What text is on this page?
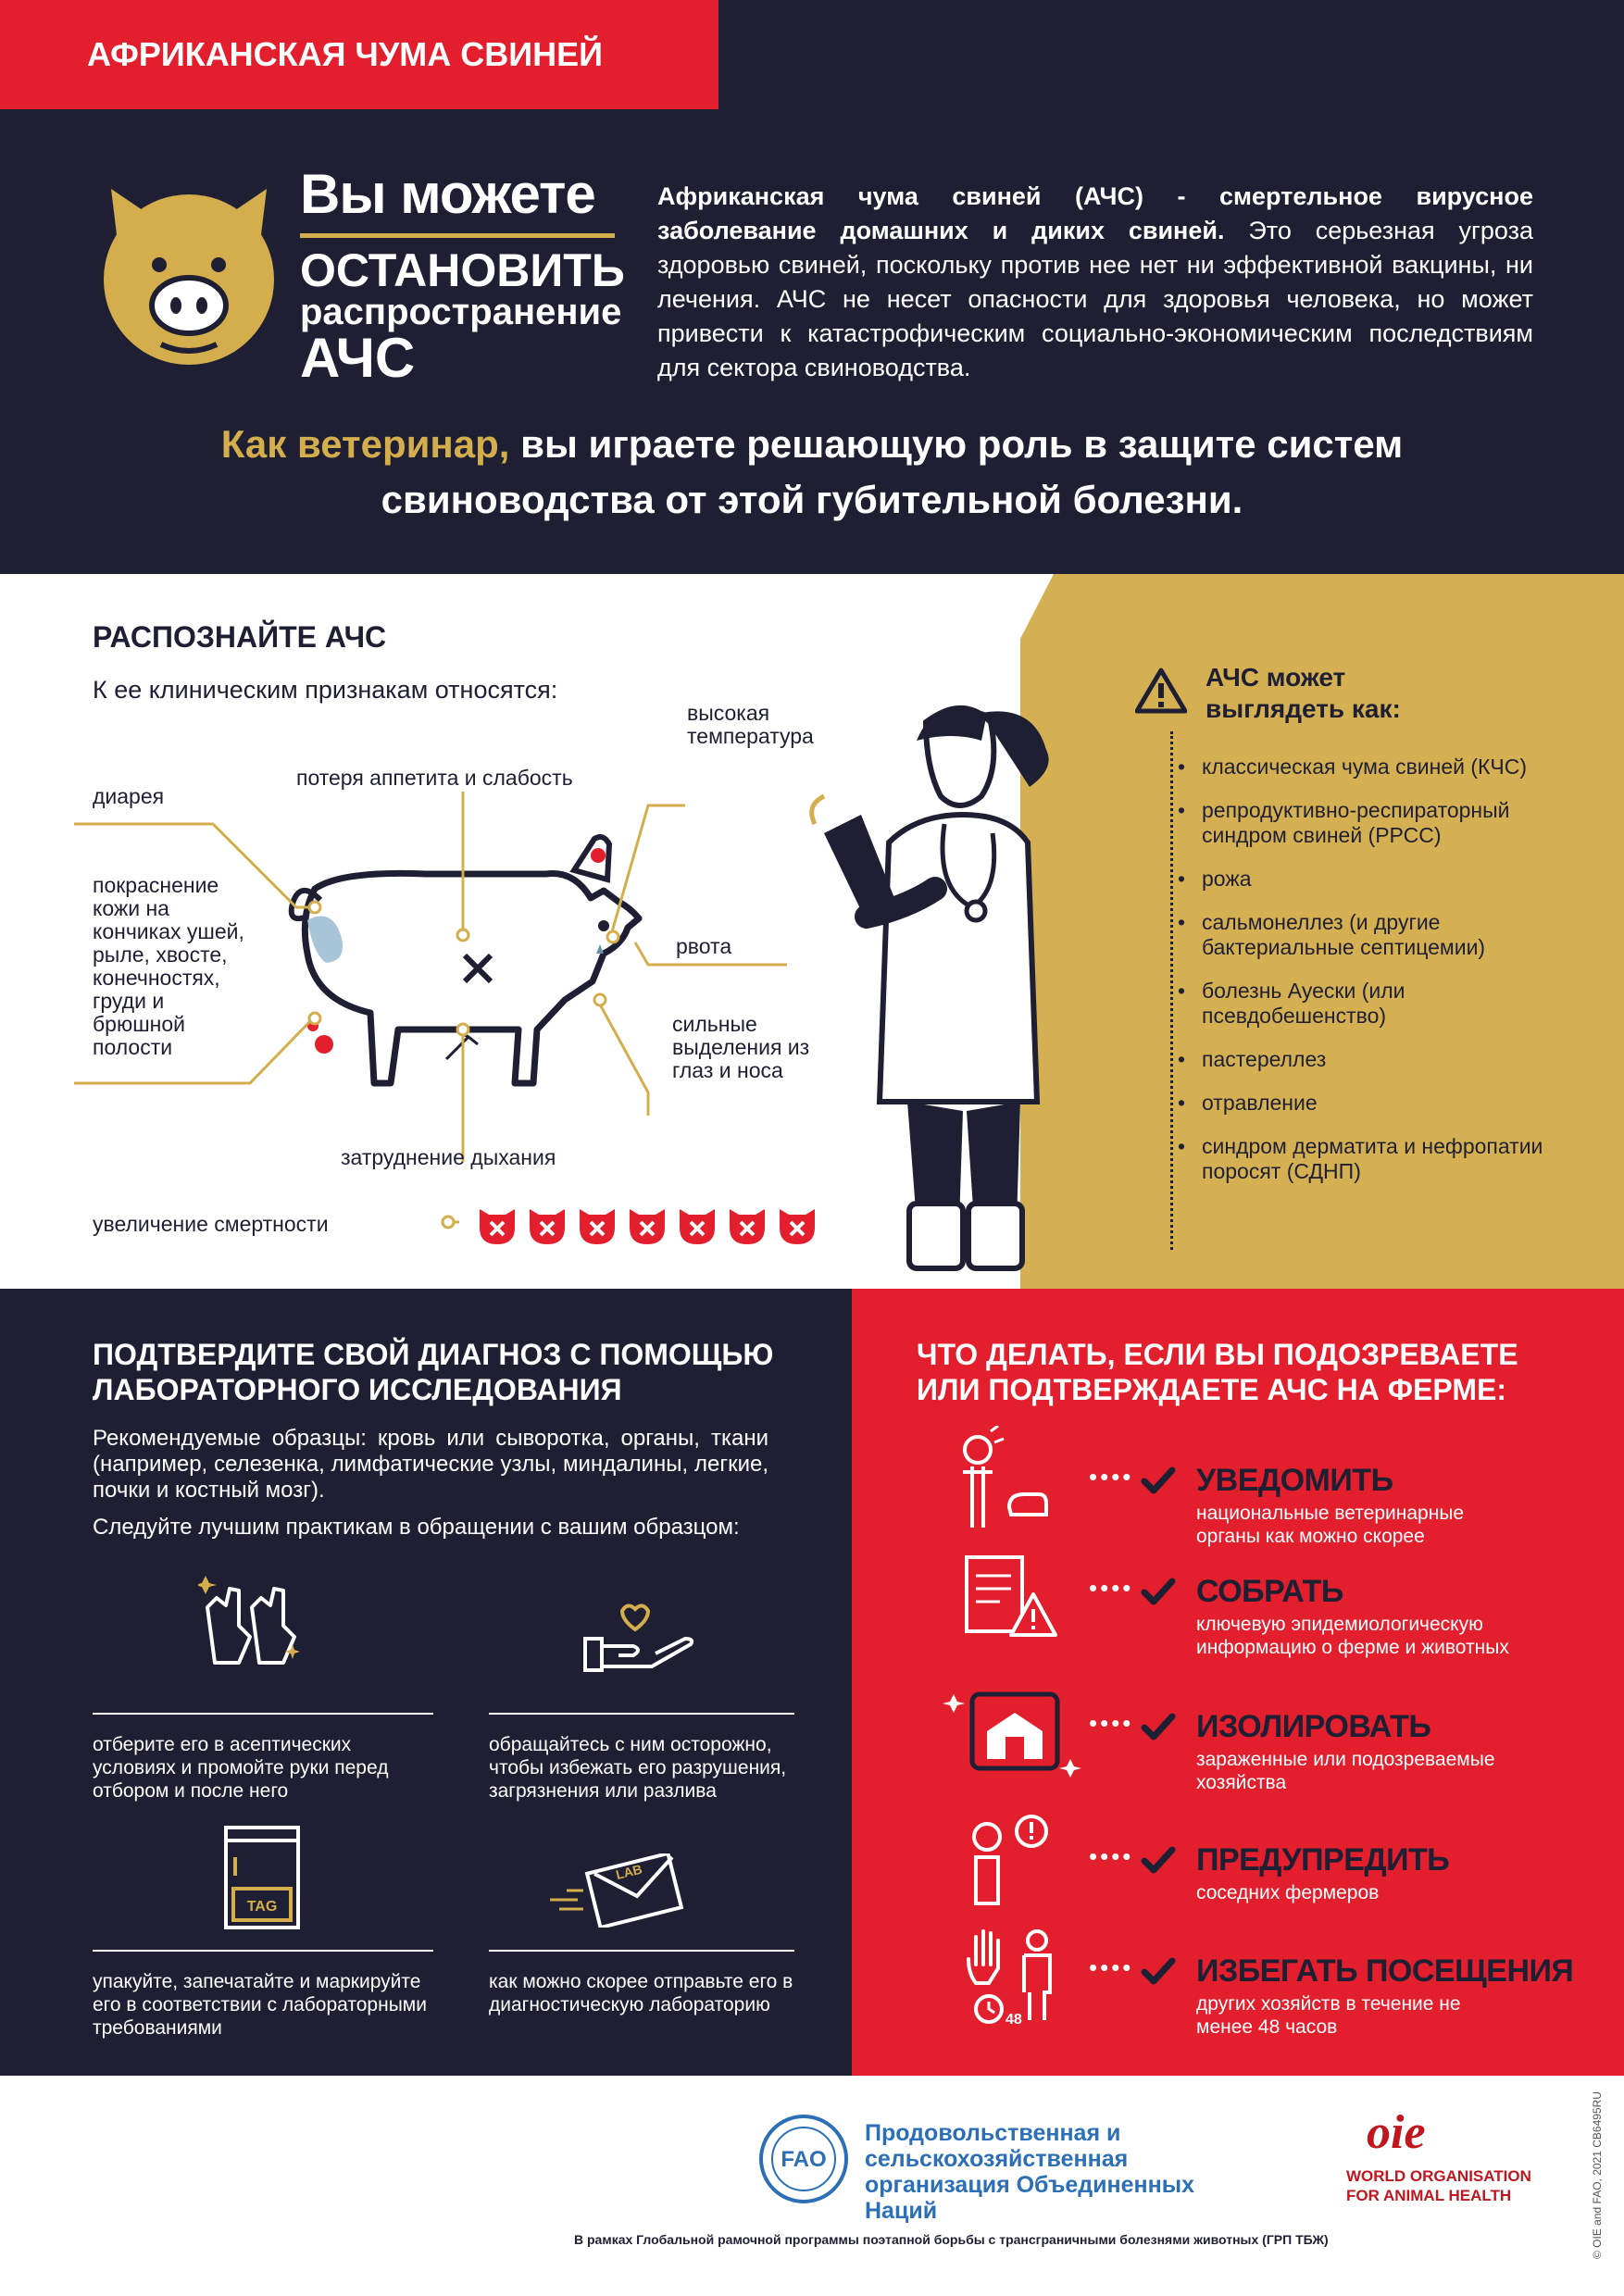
АФРИКАНСКАЯ ЧУМА СВИНЕЙ
Вы можете
ОСТАНОВИТЬ
распространение
АЧС
Африканская чума свиней (АЧС) - смертельное вирусное заболевание домашних и диких свиней. Это серьезная угроза здоровью свиней, поскольку против нее нет ни эффективной вакцины, ни лечения. АЧС не несет опасности для здоровья человека, но может привести к катастрофическим социально-экономическим последствиям для сектора свиноводства.
Как ветеринар, вы играете решающую роль в защите систем свиноводства от этой губительной болезни.
РАСПОЗНАЙТЕ АЧС
К ее клиническим признакам относятся:
диарея
покраснение кожи на кончиках ушей, рыле, хвосте, конечностях, груди и брюшной полости
потеря аппетита и слабость
высокая температура
рвота
сильные выделения из глаз и носа
затруднение дыхания
увеличение смертности
АЧС может выглядеть как:
• классическая чума свиней (КЧС)
• репродуктивно-респираторный синдром свиней (РРСС)
• рожа
• сальмонеллез (и другие бактериальные септицемии)
• болезнь Ауески (или псевдобешенство)
• пастереллез
• отравление
• синдром дерматита и нефропатии поросят (СДНП)
ПОДТВЕРДИТЕ СВОЙ ДИАГНОЗ С ПОМОЩЬЮ ЛАБОРАТОРНОГО ИССЛЕДОВАНИЯ
Рекомендуемые образцы: кровь или сыворотка, органы, ткани (например, селезенка, лимфатические узлы, миндалины, легкие, почки и костный мозг).
Следуйте лучшим практикам в обращении с вашим образцом:
отберите его в асептических условиях и промойте руки перед отбором и после него
обращайтесь с ним осторожно, чтобы избежать его разрушения, загрязнения или разлива
TAG
LAB
упакуйте, запечатайте и маркируйте его в соответствии с лабораторными требованиями
как можно скорее отправьте его в диагностическую лабораторию
ЧТО ДЕЛАТЬ, ЕСЛИ ВЫ ПОДОЗРЕВАЕТЕ ИЛИ ПОДТВЕРЖДАЕТЕ АЧС НА ФЕРМЕ:
48
•••• УВЕДОМИТЬ
национальные ветеринарные органы как можно скорее
•••• СОБРАТЬ
ключевую эпидемиологическую информацию о ферме и животных
•••• ИЗОЛИРОВАТЬ
зараженные или подозреваемые хозяйства
•••• ПРЕДУПРЕДИТЬ
соседних фермеров
•••• ИЗБЕГАТЬ ПОСЕЩЕНИЯ
других хозяйств в течение не менее 48 часов
FAO
Продовольственная и сельскохозяйственная организация Объединенных Наций
oie
WORLD ORGANISATION FOR ANIMAL HEALTH
В рамках Глобальной рамочной программы поэтапной борьбы с трансграничными болезнями животных (ГРП ТБЖ)	© OIE and FAO, 2021 CB6495RU
